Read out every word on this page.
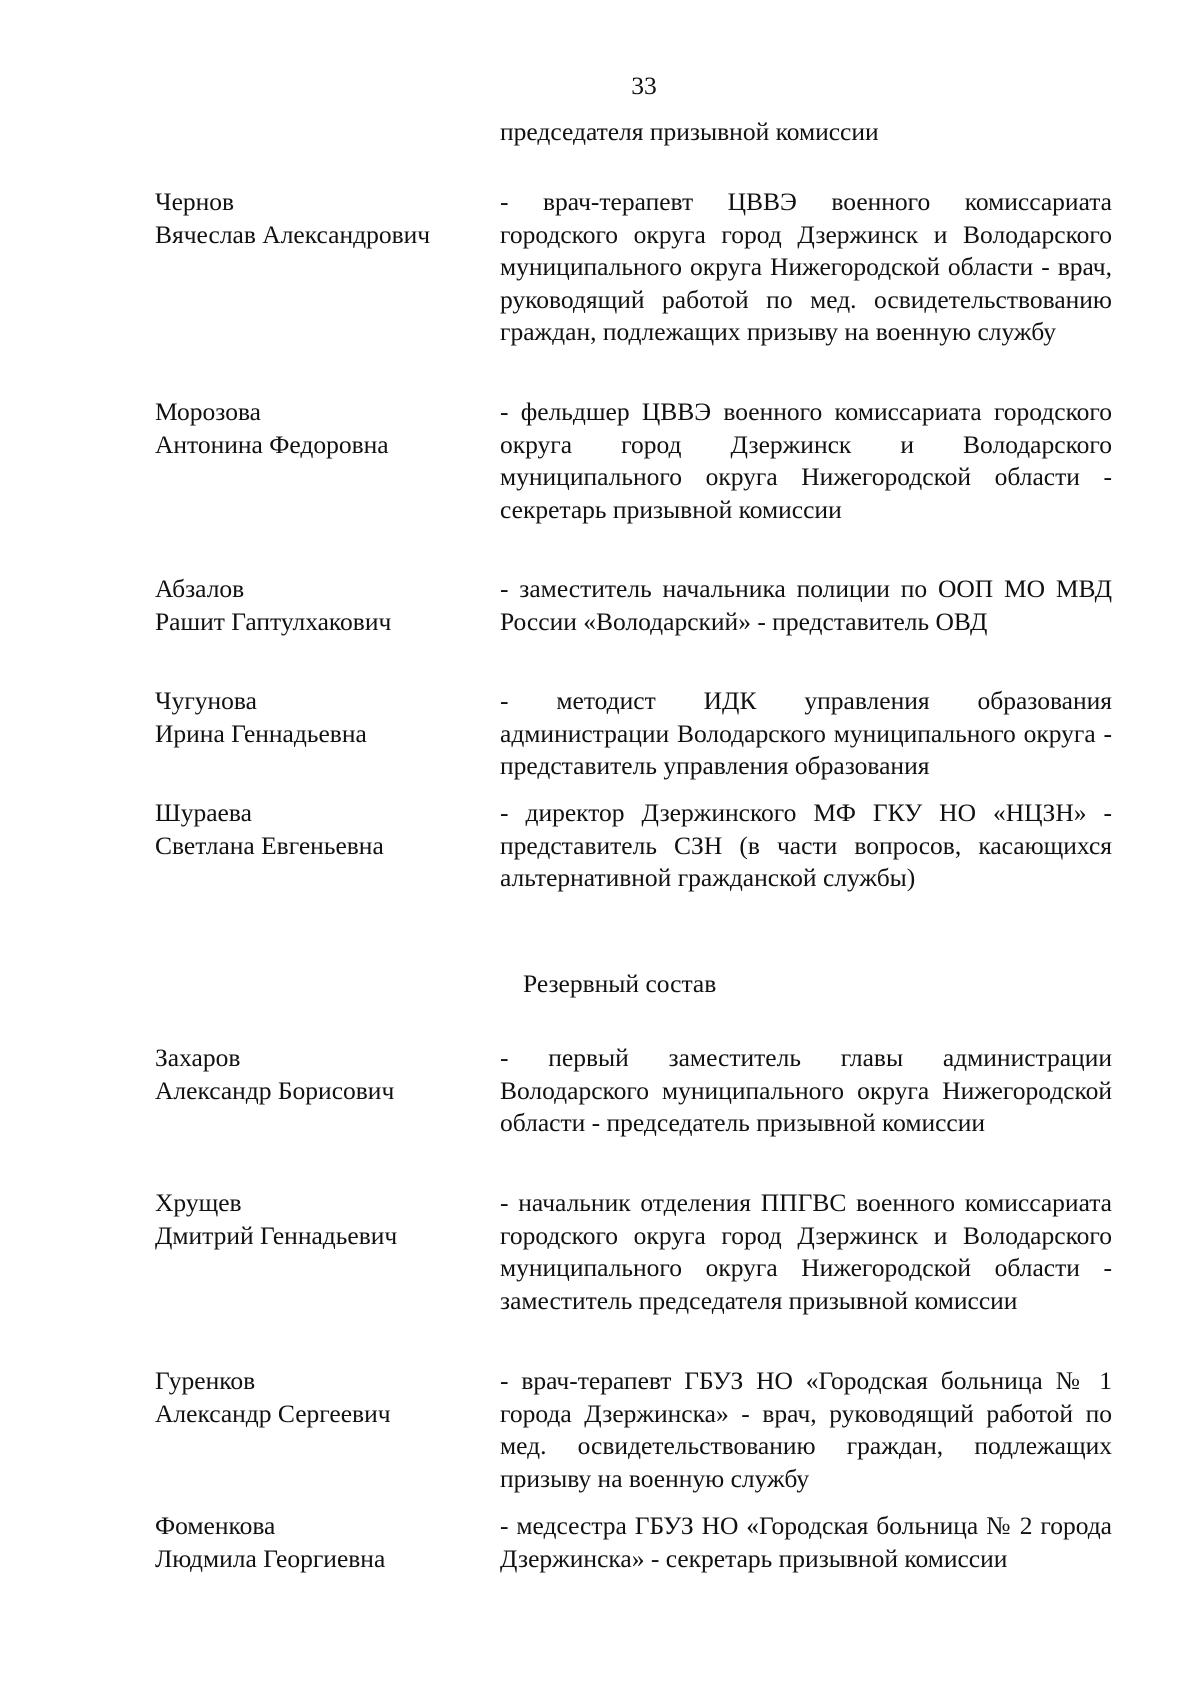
33
председателя призывной комиссии
Чернов
Вячеслав Александрович
- врач-терапевт ЦВВЭ военного комиссариата городского округа город Дзержинск и Володарского муниципального округа Нижегородской области - врач, руководящий работой по мед. освидетельствованию граждан, подлежащих призыву на военную службу
Морозова
Антонина Федоровна
- фельдшер ЦВВЭ военного комиссариата городского округа город Дзержинск и Володарского муниципального округа Нижегородской области - секретарь призывной комиссии
Абзалов
Рашит Гаптулхакович
- заместитель начальника полиции по ООП МО МВД России «Володарский» - представитель ОВД
Чугунова
Ирина Геннадьевна
- методист ИДК управления образования администрации Володарского муниципального округа - представитель управления образования
Шураева
Светлана Евгеньевна
- директор Дзержинского МФ ГКУ НО «НЦЗН» - представитель СЗН (в части вопросов, касающихся альтернативной гражданской службы)
Резервный состав
Захаров
Александр Борисович
- первый заместитель главы администрации Володарского муниципального округа Нижегородской области - председатель призывной комиссии
Хрущев
Дмитрий Геннадьевич
- начальник отделения ППГВС военного комиссариата городского округа город Дзержинск и Володарского муниципального округа Нижегородской области - заместитель председателя призывной комиссии
Гуренков
Александр Сергеевич
- врач-терапевт ГБУЗ НО «Городская больница № 1 города Дзержинска» - врач, руководящий работой по мед. освидетельствованию граждан, подлежащих призыву на военную службу
Фоменкова
Людмила Георгиевна
- медсестра ГБУЗ НО «Городская больница № 2 города Дзержинска» - секретарь призывной комиссии
